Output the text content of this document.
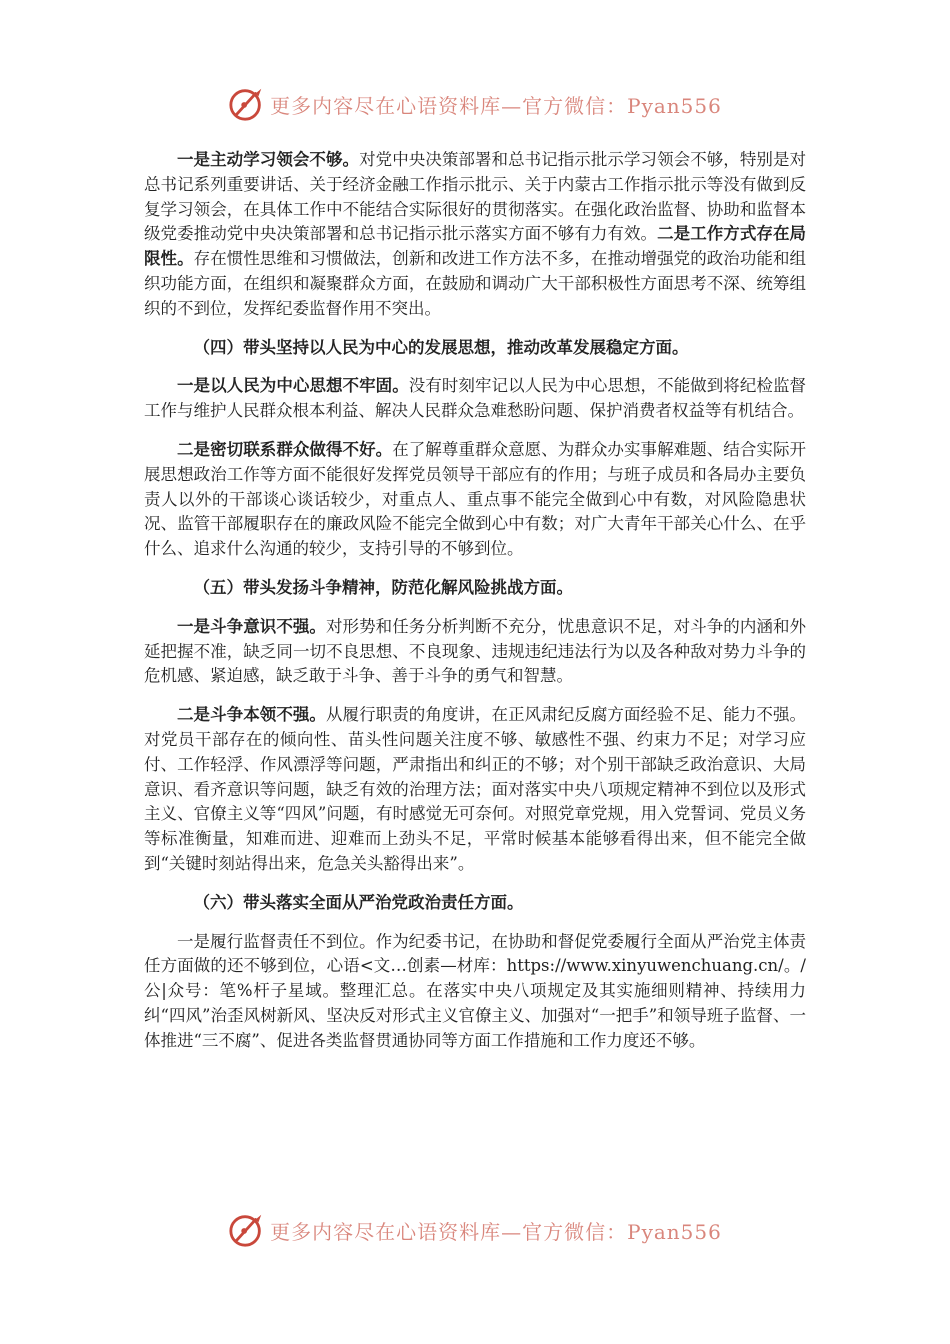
更多内容尽在心语资料库—官方微信：Pyan556

一是主动学习领会不够。对党中央决策部署和总书记指示批示学习领会不够，特别是对总书记系列重要讲话、关于经济金融工作指示批示、关于内蒙古工作指示批示等没有做到反复学习领会，在具体工作中不能结合实际很好的贯彻落实。在强化政治监督、协助和监督本级党委推动党中央决策部署和总书记指示批示落实方面不够有力有效。二是工作方式存在局限性。存在惯性思维和习惯做法，创新和改进工作方法不多，在推动增强党的政治功能和组织功能方面，在组织和凝聚群众方面，在鼓励和调动广大干部积极性方面思考不深、统筹组织的不到位，发挥纪委监督作用不突出。

（四）带头坚持以人民为中心的发展思想，推动改革发展稳定方面。

一是以人民为中心思想不牢固。没有时刻牢记以人民为中心思想，不能做到将纪检监督工作与维护人民群众根本利益、解决人民群众急难愁盼问题、保护消费者权益等有机结合。

二是密切联系群众做得不好。在了解尊重群众意愿、为群众办实事解难题、结合实际开展思想政治工作等方面不能很好发挥党员领导干部应有的作用；与班子成员和各局办主要负责人以外的干部谈心谈话较少，对重点人、重点事不能完全做到心中有数，对风险隐患状况、监管干部履职存在的廉政风险不能完全做到心中有数；对广大青年干部关心什么、在乎什么、追求什么沟通的较少，支持引导的不够到位。

（五）带头发扬斗争精神，防范化解风险挑战方面。

一是斗争意识不强。对形势和任务分析判断不充分，忧患意识不足，对斗争的内涵和外延把握不准，缺乏同一切不良思想、不良现象、违规违纪违法行为以及各种敌对势力斗争的危机感、紧迫感，缺乏敢于斗争、善于斗争的勇气和智慧。

二是斗争本领不强。从履行职责的角度讲，在正风肃纪反腐方面经验不足、能力不强。对党员干部存在的倾向性、苗头性问题关注度不够、敏感性不强、约束力不足；对学习应付、工作轻浮、作风漂浮等问题，严肃指出和纠正的不够；对个别干部缺乏政治意识、大局意识、看齐意识等问题，缺乏有效的治理方法；面对落实中央八项规定精神不到位以及形式主义、官僚主义等“四风”问题，有时感觉无可奈何。对照党章党规，用入党誓词、党员义务等标准衡量，知难而进、迎难而上劲头不足，平常时候基本能够看得出来，但不能完全做到“关键时刻站得出来，危急关头豁得出来”。

（六）带头落实全面从严治党政治责任方面。

一是履行监督责任不到位。作为纪委书记，在协助和督促党委履行全面从严治党主体责任方面做的还不够到位，心语<文…创素—材库：https://www.xinyuwenchuang.cn/。/公|众号：笔%杆子星域。整理汇总。在落实中央八项规定及其实施细则精神、持续用力纠“四风”治歪风树新风、坚决反对形式主义官僚主义、加强对“一把手”和领导班子监督、一体推进“三不腐”、促进各类监督贯通协同等方面工作措施和工作力度还不够。

更多内容尽在心语资料库—官方微信：Pyan556
